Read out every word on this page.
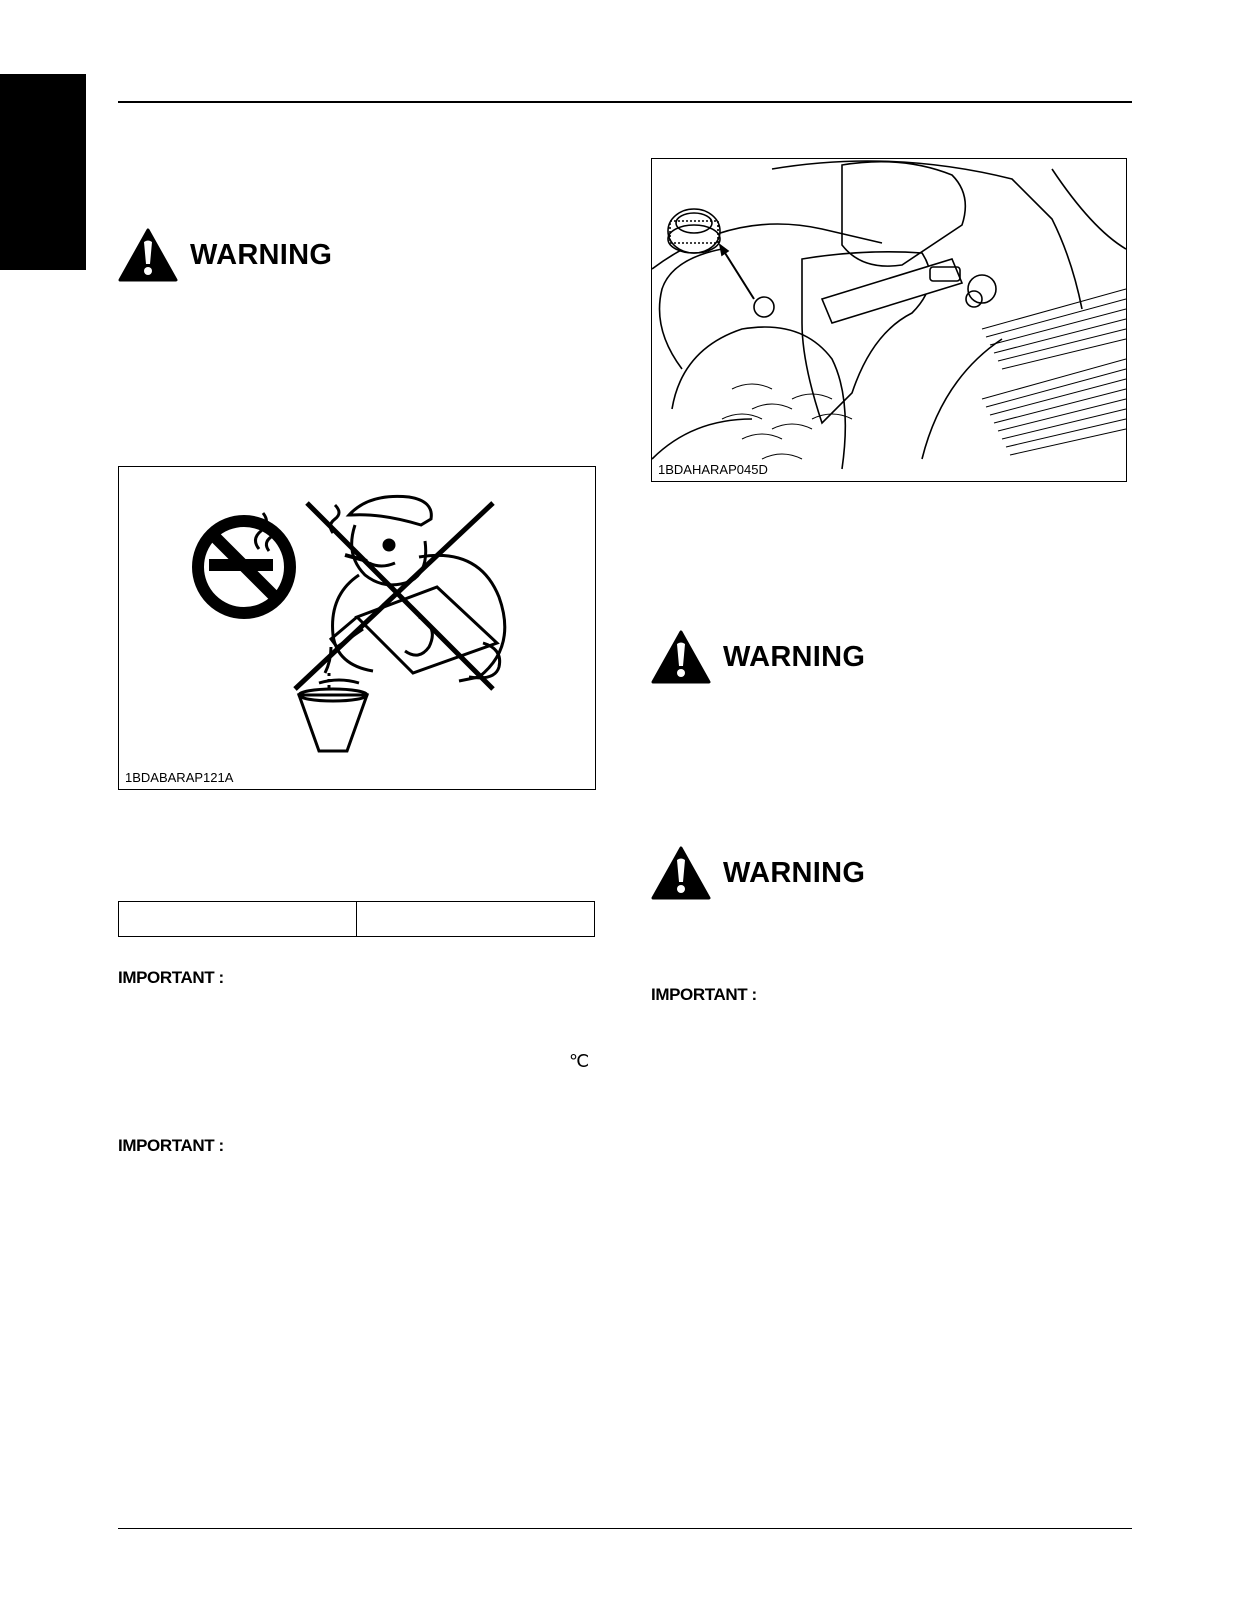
WARNING
1BDABARAP121A

IMPORTANT :
℃
IMPORTANT :
1BDAHARAP045D
WARNING
WARNING
IMPORTANT :
